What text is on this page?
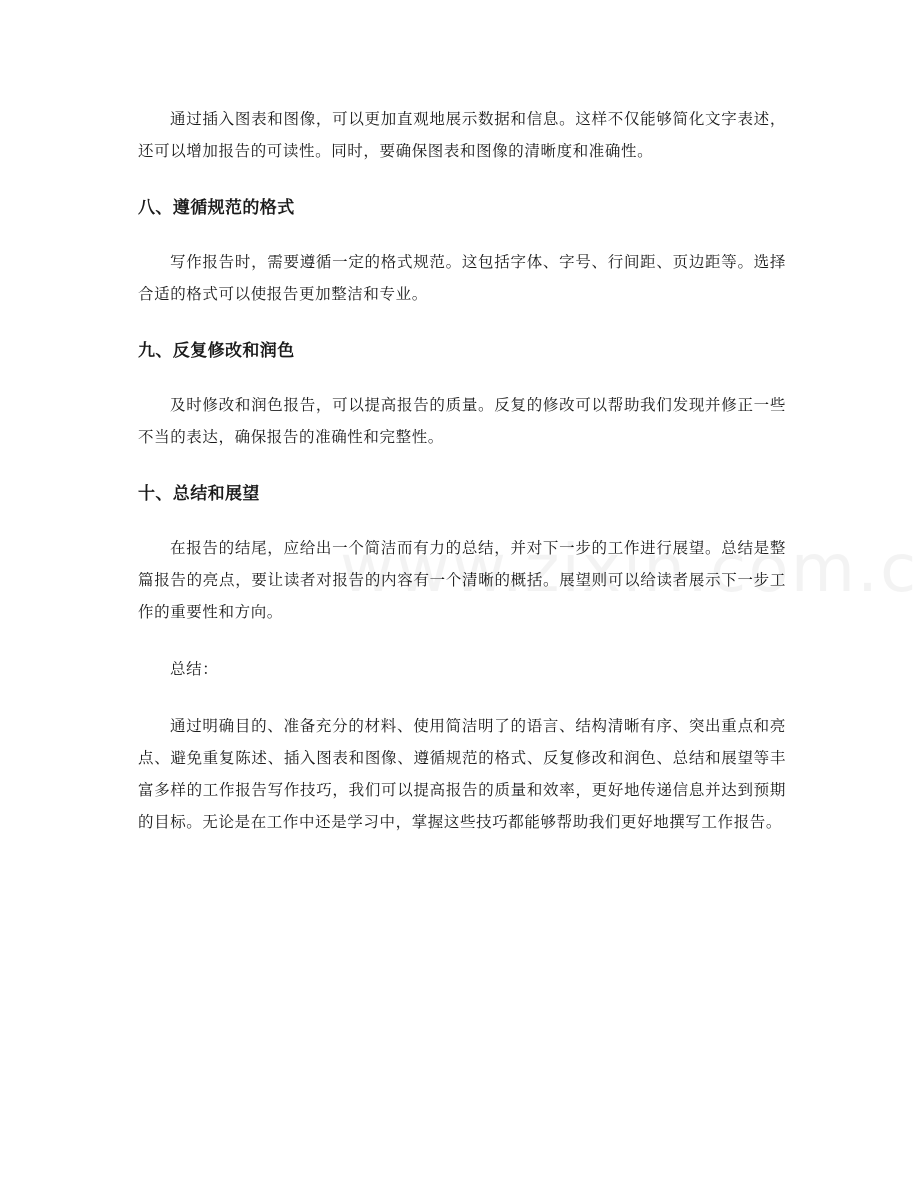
通过插入图表和图像，可以更加直观地展示数据和信息。这样不仅能够简化文字表述，还可以增加报告的可读性。同时，要确保图表和图像的清晰度和准确性。

八、遵循规范的格式

写作报告时，需要遵循一定的格式规范。这包括字体、字号、行间距、页边距等。选择合适的格式可以使报告更加整洁和专业。

九、反复修改和润色

及时修改和润色报告，可以提高报告的质量。反复的修改可以帮助我们发现并修正一些不当的表达，确保报告的准确性和完整性。

十、总结和展望

在报告的结尾，应给出一个简洁而有力的总结，并对下一步的工作进行展望。总结是整篇报告的亮点，要让读者对报告的内容有一个清晰的概括。展望则可以给读者展示下一步工作的重要性和方向。

总结：

通过明确目的、准备充分的材料、使用简洁明了的语言、结构清晰有序、突出重点和亮点、避免重复陈述、插入图表和图像、遵循规范的格式、反复修改和润色、总结和展望等丰富多样的工作报告写作技巧，我们可以提高报告的质量和效率，更好地传递信息并达到预期的目标。无论是在工作中还是学习中，掌握这些技巧都能够帮助我们更好地撰写工作报告。
